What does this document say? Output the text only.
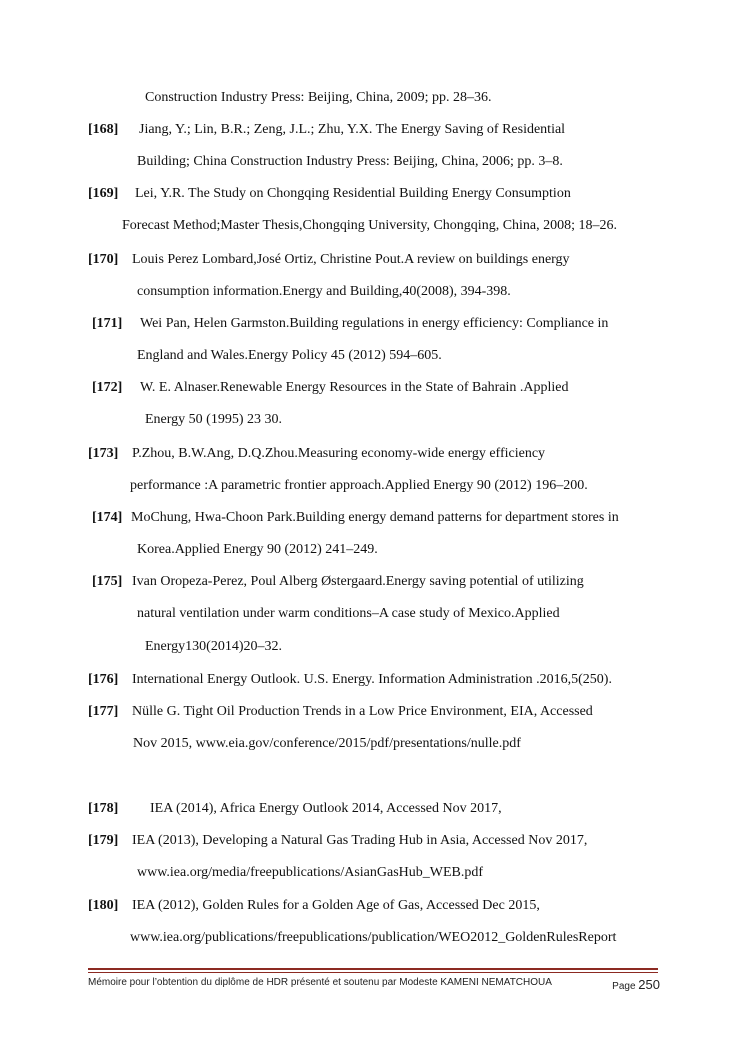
Construction Industry Press: Beijing, China, 2009; pp. 28–36.
[168] Jiang, Y.; Lin, B.R.; Zeng, J.L.; Zhu, Y.X. The Energy Saving of Residential
Building; China Construction Industry Press: Beijing, China, 2006; pp. 3–8.
[169] Lei, Y.R. The Study on Chongqing Residential Building Energy Consumption
Forecast Method;Master Thesis,Chongqing University, Chongqing, China, 2008; 18–26.
[170] Louis Perez Lombard,José Ortiz, Christine Pout.A review on buildings energy
consumption information.Energy and Building,40(2008), 394-398.
[171] Wei Pan, Helen Garmston.Building regulations in energy efficiency: Compliance in
England and Wales.Energy Policy 45 (2012) 594–605.
[172] W. E. Alnaser.Renewable Energy Resources in the State of Bahrain .Applied
Energy 50 (1995) 23 30.
[173] P.Zhou, B.W.Ang, D.Q.Zhou.Measuring economy-wide energy efficiency
performance :A parametric frontier approach.Applied Energy 90 (2012) 196–200.
[174] MoChung, Hwa-Choon Park.Building energy demand patterns for department stores in
Korea.Applied Energy 90 (2012) 241–249.
[175] Ivan Oropeza-Perez, Poul Alberg Østergaard.Energy saving potential of utilizing
natural ventilation under warm conditions–A case study of Mexico.Applied
Energy130(2014)20–32.
[176] International Energy Outlook. U.S. Energy. Information Administration .2016,5(250).
[177] Nülle G. Tight Oil Production Trends in a Low Price Environment, EIA, Accessed
Nov 2015, www.eia.gov/conference/2015/pdf/presentations/nulle.pdf
[178] IEA (2014), Africa Energy Outlook 2014, Accessed Nov 2017,
[179] IEA (2013), Developing a Natural Gas Trading Hub in Asia, Accessed Nov 2017,
www.iea.org/media/freepublications/AsianGasHub_WEB.pdf
[180] IEA (2012), Golden Rules for a Golden Age of Gas, Accessed Dec 2015,
www.iea.org/publications/freepublications/publication/WEO2012_GoldenRulesReport
Mémoire pour l’obtention du diplôme de HDR présenté et soutenu par Modeste KAMENI NEMATCHOUA	Page 250
